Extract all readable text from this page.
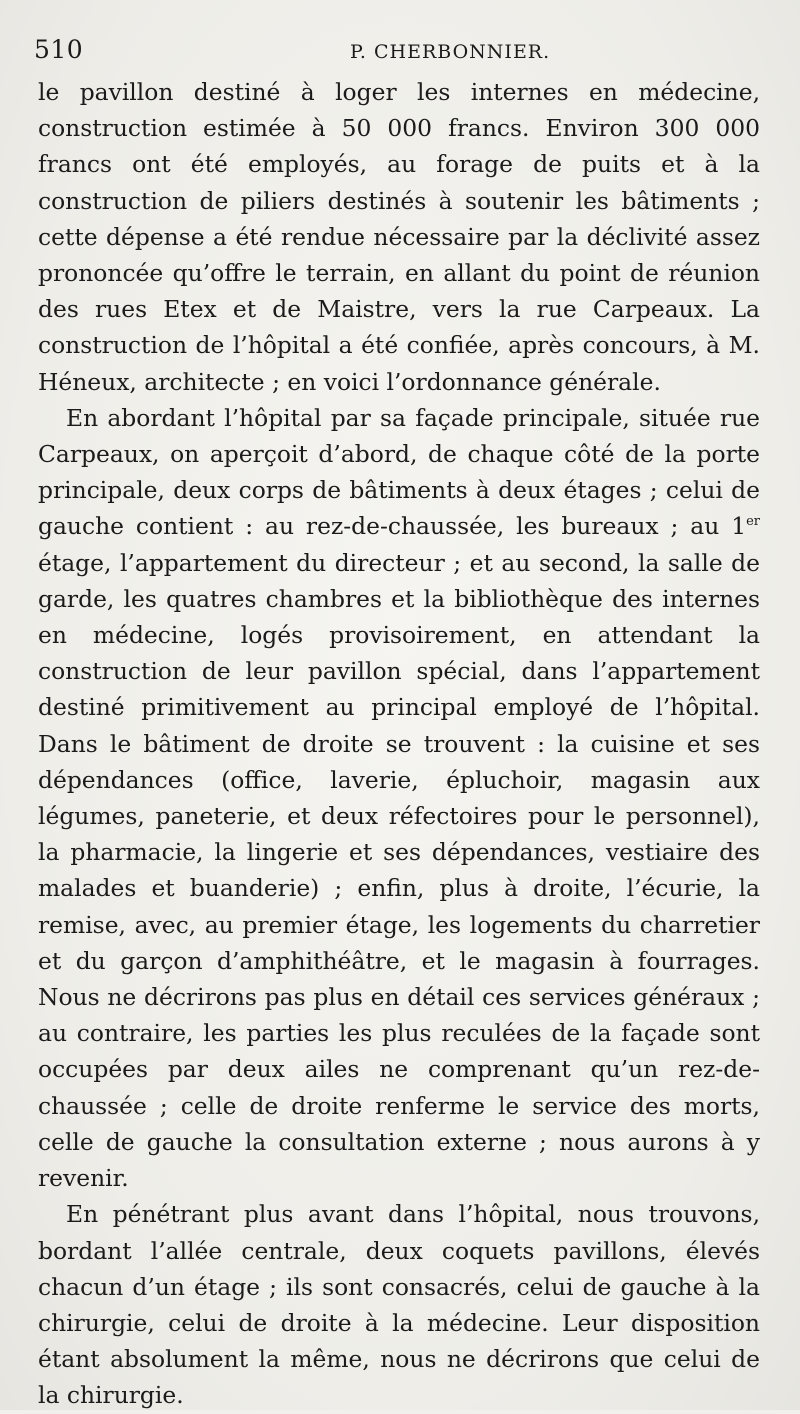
510	P. CHERBONNIER.

le pavillon destiné à loger les internes en médecine, construction estimée à 50 000 francs. Environ 300 000 francs ont été employés, au forage de puits et à la construction de piliers destinés à soutenir les bâtiments ; cette dépense a été rendue nécessaire par la déclivité assez prononcée qu’offre le terrain, en allant du point de réunion des rues Etex et de Maistre, vers la rue Carpeaux. La construction de l’hôpital a été confiée, après concours, à M. Héneux, architecte ; en voici l’ordonnance générale.

En abordant l’hôpital par sa façade principale, située rue Carpeaux, on aperçoit d’abord, de chaque côté de la porte principale, deux corps de bâtiments à deux étages ; celui de gauche contient : au rez-de-chaussée, les bureaux ; au 1er étage, l’appartement du directeur ; et au second, la salle de garde, les quatres chambres et la bibliothèque des internes en médecine, logés provisoirement, en attendant la construction de leur pavillon spécial, dans l’appartement destiné primitivement au principal employé de l’hôpital. Dans le bâtiment de droite se trouvent : la cuisine et ses dépendances (office, laverie, épluchoir, magasin aux légumes, paneterie, et deux réfectoires pour le personnel), la pharmacie, la lingerie et ses dépendances, vestiaire des malades et buanderie) ; enfin, plus à droite, l’écurie, la remise, avec, au premier étage, les logements du charretier et du garçon d’amphithéâtre, et le magasin à fourrages. Nous ne décrirons pas plus en détail ces services généraux ; au contraire, les parties les plus reculées de la façade sont occupées par deux ailes ne comprenant qu’un rez-de-chaussée ; celle de droite renferme le service des morts, celle de gauche la consultation externe ; nous aurons à y revenir.

En pénétrant plus avant dans l’hôpital, nous trouvons, bordant l’allée centrale, deux coquets pavillons, élevés chacun d’un étage ; ils sont consacrés, celui de gauche à la chirurgie, celui de droite à la médecine. Leur disposition étant absolument la même, nous ne décrirons que celui de la chirurgie.
